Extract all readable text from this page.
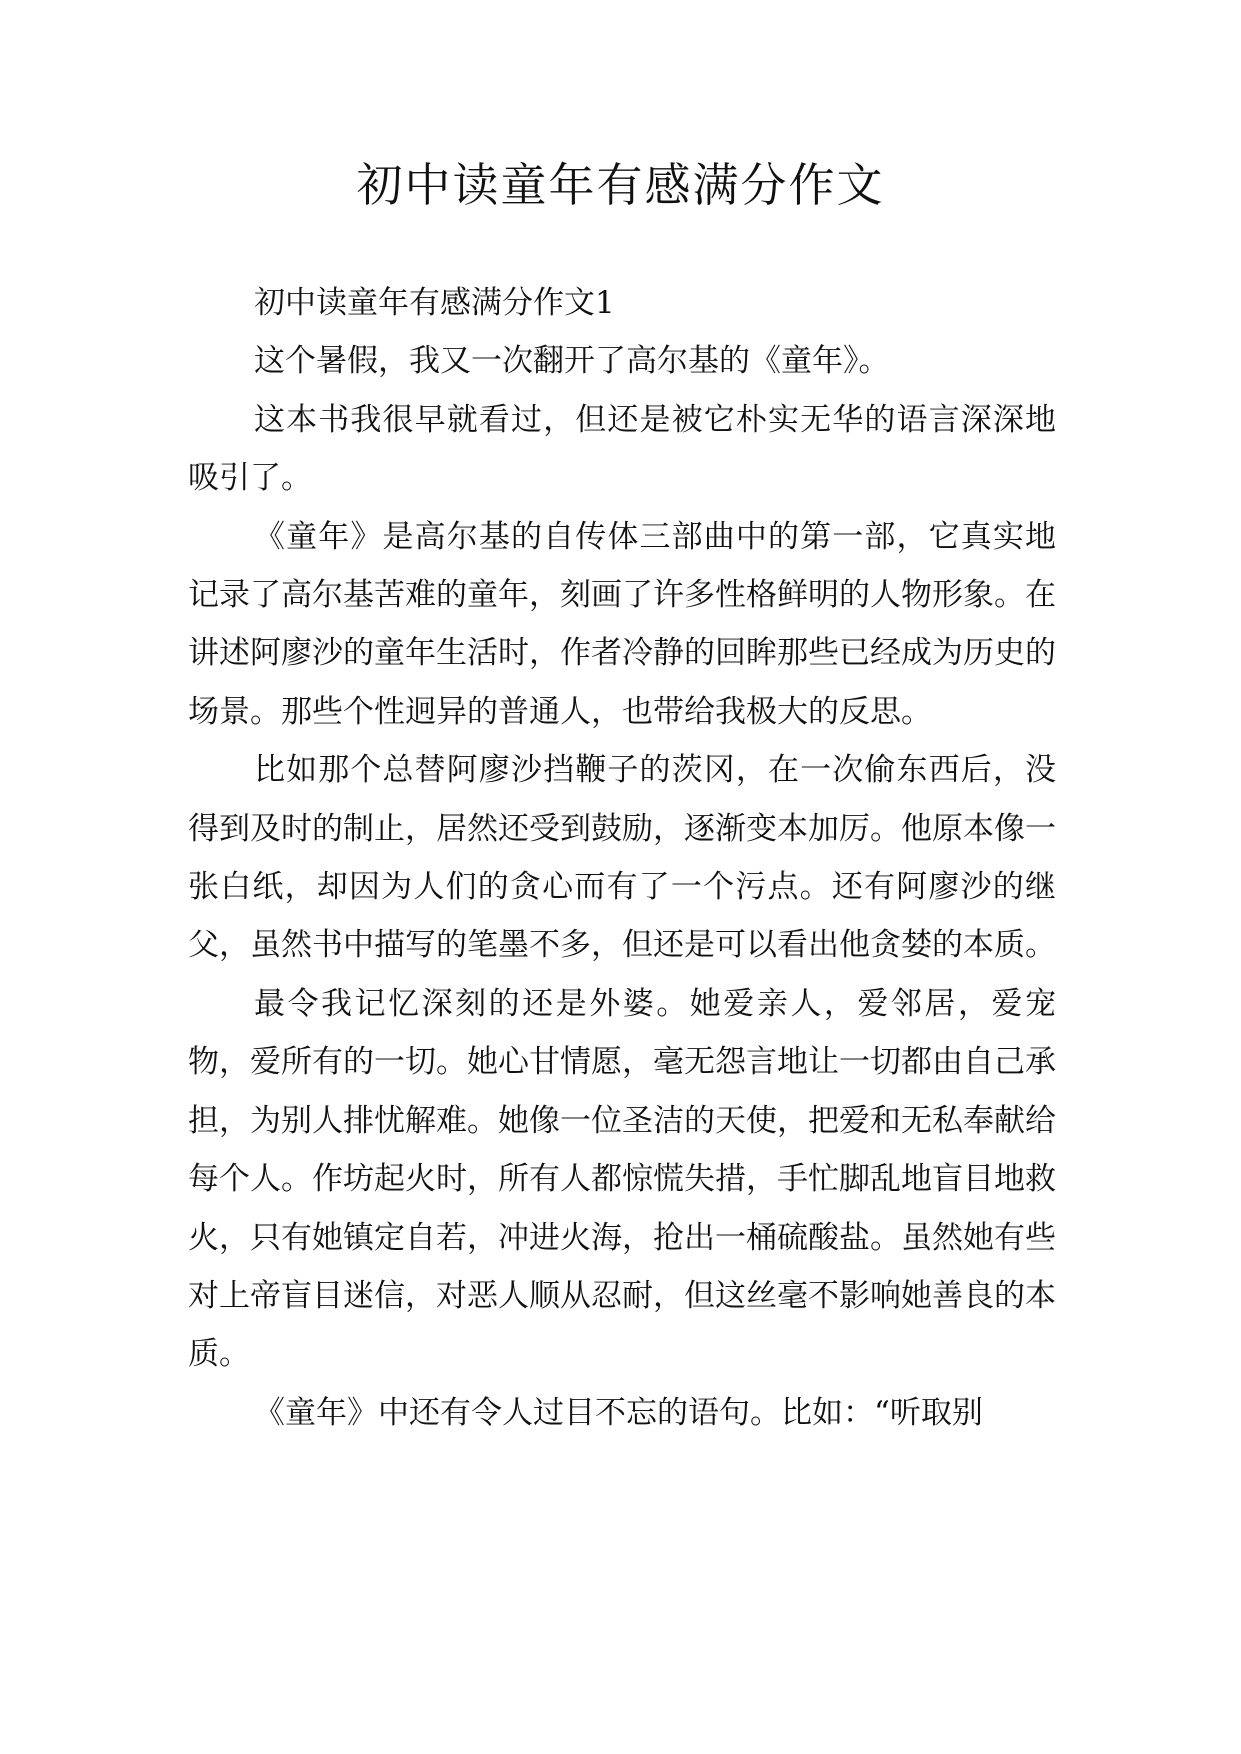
初中读童年有感满分作文

初中读童年有感满分作文1

这个暑假，我又一次翻开了高尔基的《童年》。

这本书我很早就看过，但还是被它朴实无华的语言深深地吸引了。

《童年》是高尔基的自传体三部曲中的第一部，它真实地记录了高尔基苦难的童年，刻画了许多性格鲜明的人物形象。在讲述阿廖沙的童年生活时，作者冷静的回眸那些已经成为历史的场景。那些个性迥异的普通人，也带给我极大的反思。

比如那个总替阿廖沙挡鞭子的茨冈，在一次偷东西后，没得到及时的制止，居然还受到鼓励，逐渐变本加厉。他原本像一张白纸，却因为人们的贪心而有了一个污点。还有阿廖沙的继父，虽然书中描写的笔墨不多，但还是可以看出他贪婪的本质。

最令我记忆深刻的还是外婆。她爱亲人，爱邻居，爱宠物，爱所有的一切。她心甘情愿，毫无怨言地让一切都由自己承担，为别人排忧解难。她像一位圣洁的天使，把爱和无私奉献给每个人。作坊起火时，所有人都惊慌失措，手忙脚乱地盲目地救火，只有她镇定自若，冲进火海，抢出一桶硫酸盐。虽然她有些对上帝盲目迷信，对恶人顺从忍耐，但这丝毫不影响她善良的本质。

《童年》中还有令人过目不忘的语句。比如：“听取别
